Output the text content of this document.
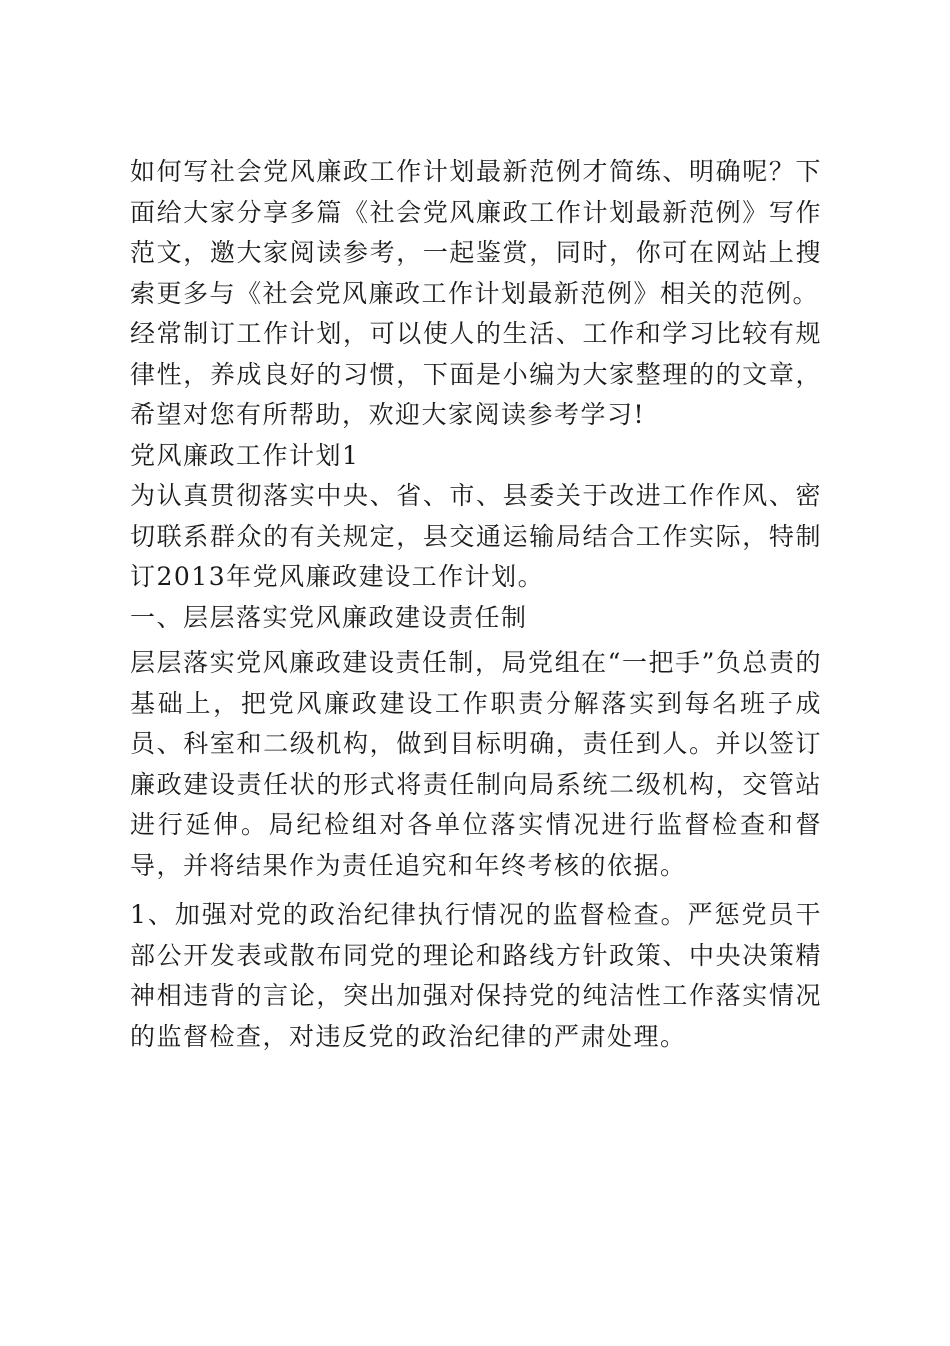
如何写社会党风廉政工作计划最新范例才简练、明确呢？下面给大家分享多篇《社会党风廉政工作计划最新范例》写作范文，邀大家阅读参考，一起鉴赏，同时，你可在网站上搜索更多与《社会党风廉政工作计划最新范例》相关的范例。

经常制订工作计划，可以使人的生活、工作和学习比较有规律性，养成良好的习惯，下面是小编为大家整理的的文章，希望对您有所帮助，欢迎大家阅读参考学习!

党风廉政工作计划1

为认真贯彻落实中央、省、市、县委关于改进工作作风、密切联系群众的有关规定，县交通运输局结合工作实际，特制订2013年党风廉政建设工作计划。

一、层层落实党风廉政建设责任制

层层落实党风廉政建设责任制，局党组在“一把手”负总责的基础上，把党风廉政建设工作职责分解落实到每名班子成员、科室和二级机构，做到目标明确，责任到人。并以签订廉政建设责任状的形式将责任制向局系统二级机构，交管站进行延伸。局纪检组对各单位落实情况进行监督检查和督导，并将结果作为责任追究和年终考核的依据。

1、加强对党的政治纪律执行情况的监督检查。严惩党员干部公开发表或散布同党的理论和路线方针政策、中央决策精神相违背的言论，突出加强对保持党的纯洁性工作落实情况的监督检查，对违反党的政治纪律的严肃处理。
